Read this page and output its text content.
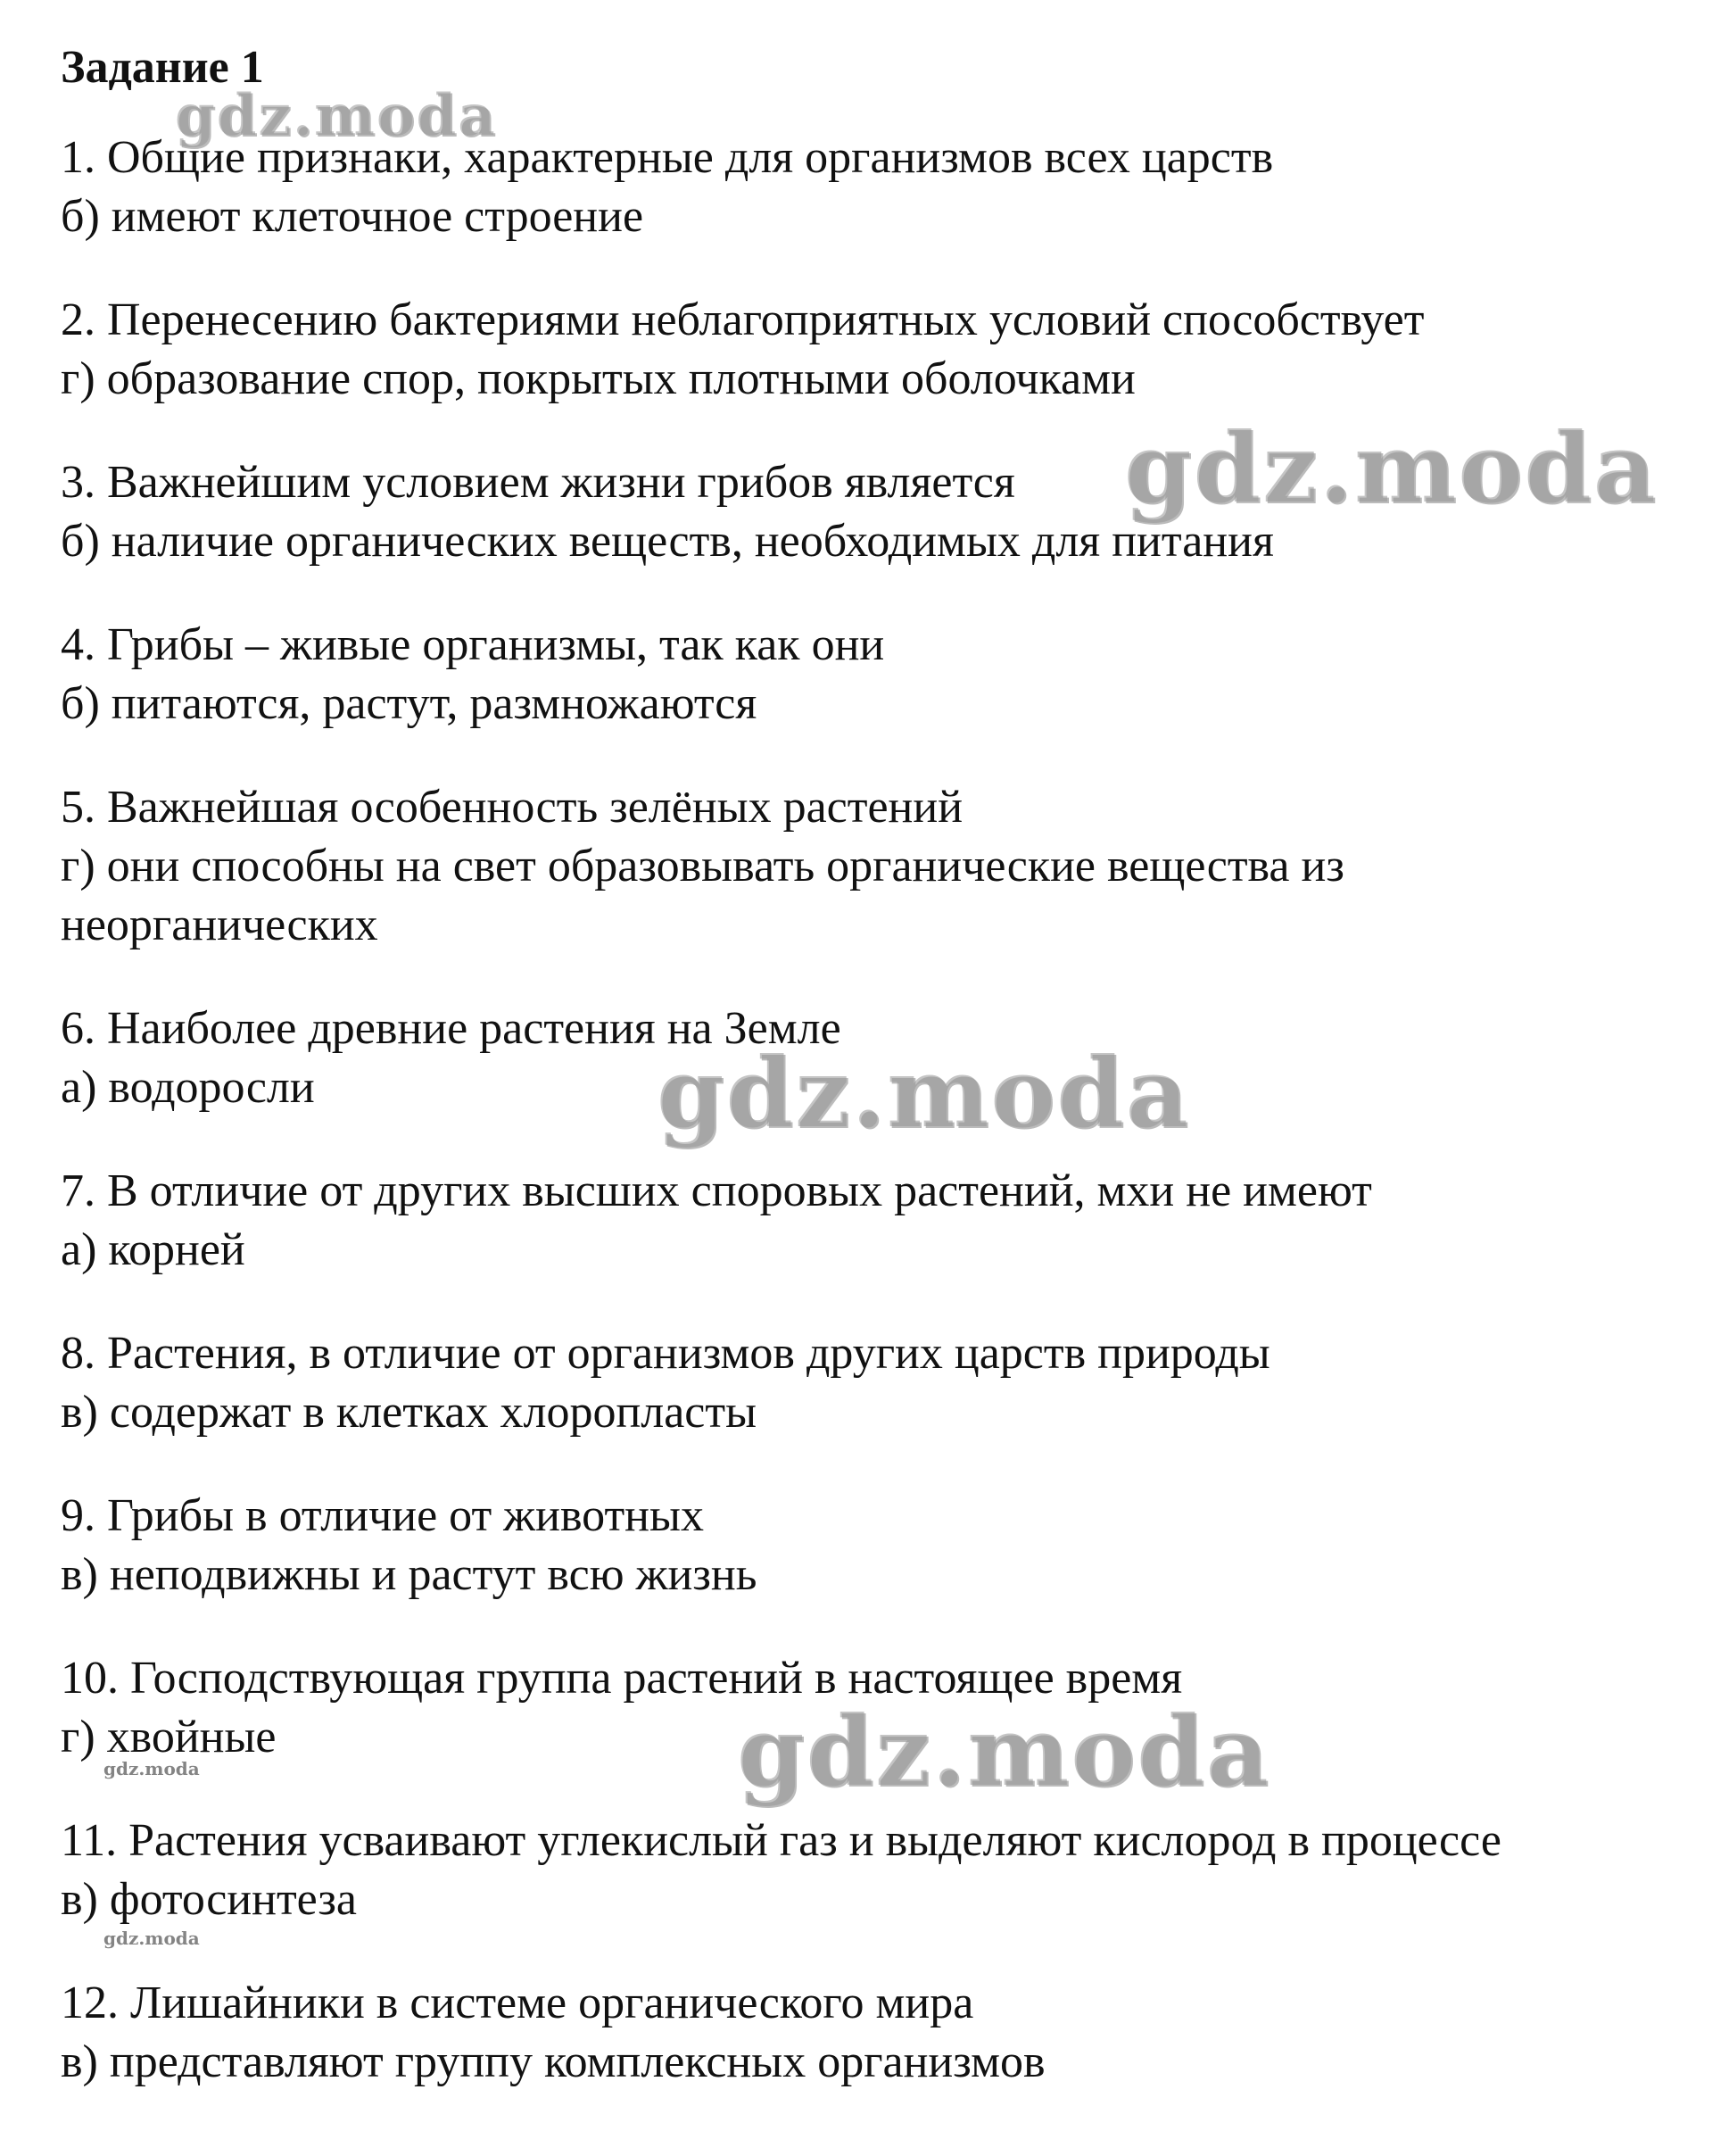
Задание 1
1. Общие признаки, характерные для организмов всех царств
б) имеют клеточное строение
2. Перенесению бактериями неблагоприятных условий способствует
г) образование спор, покрытых плотными оболочками
3. Важнейшим условием жизни грибов является
б) наличие органических веществ, необходимых для питания
4. Грибы – живые организмы, так как они
б) питаются, растут, размножаются
5. Важнейшая особенность зелёных растений
г) они способны на свет образовывать органические вещества из неорганических
6. Наиболее древние растения на Земле
а) водоросли
7. В отличие от других высших споровых растений, мхи не имеют
а) корней
8. Растения, в отличие от организмов других царств природы
в) содержат в клетках хлоропласты
9. Грибы в отличие от животных
в) неподвижны и растут всю жизнь
10. Господствующая группа растений в настоящее время
г) хвойные
11. Растения усваивают углекислый газ и выделяют кислород в процессе
в) фотосинтеза
12. Лишайники в системе органического мира
в) представляют группу комплексных организмов
gdz.moda
gdz.moda
gdz.moda
gdz.moda
gdz.moda
gdz.moda
